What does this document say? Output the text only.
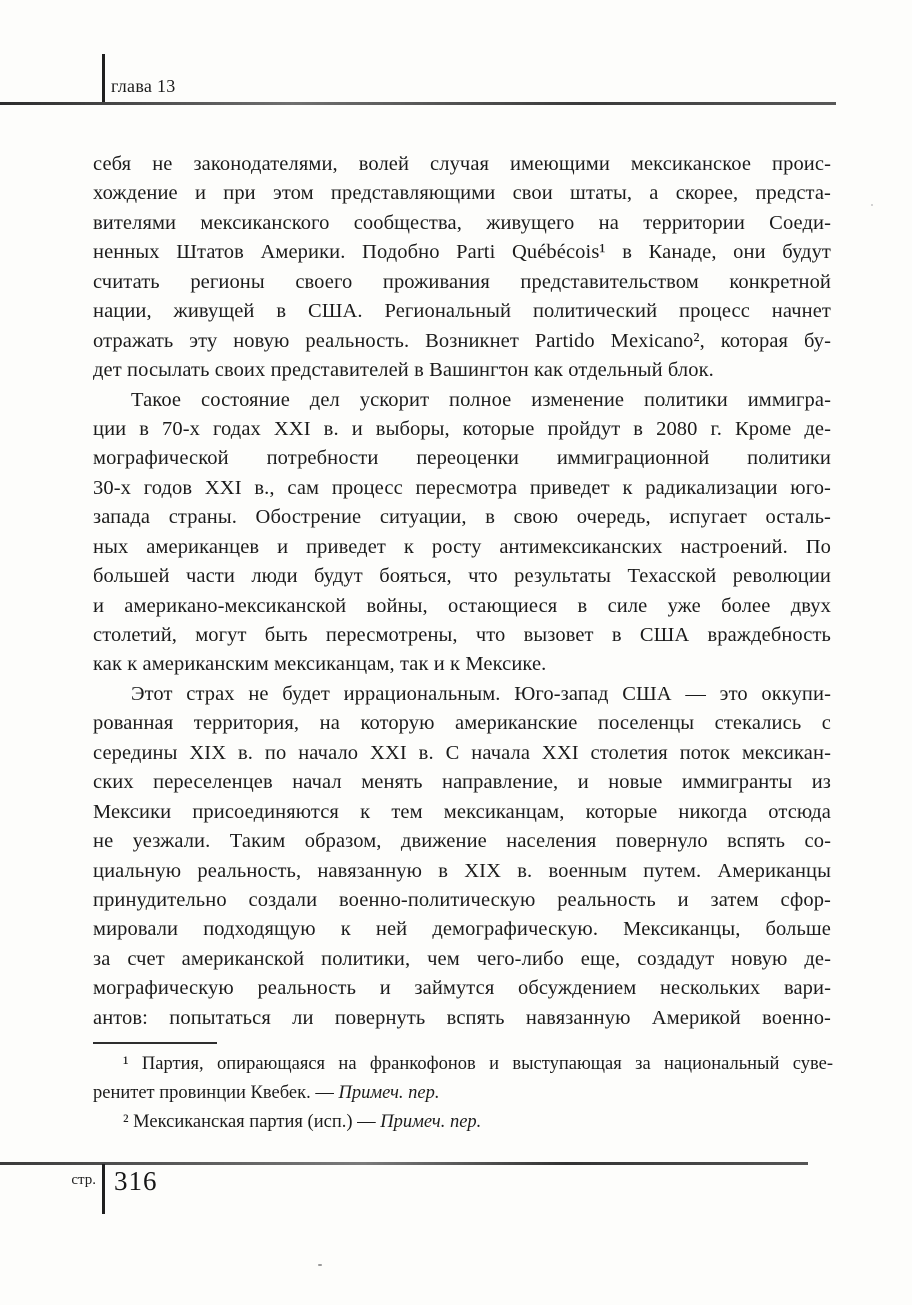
глава 13
себя не законодателями, волей случая имеющими мексиканское проис-
хождение и при этом представляющими свои штаты, а скорее, предста-
вителями мексиканского сообщества, живущего на территории Соеди-
ненных Штатов Америки. Подобно Parti Québécois¹ в Канаде, они будут
считать регионы своего проживания представительством конкретной
нации, живущей в США. Региональный политический процесс начнет
отражать эту новую реальность. Возникнет Partido Mexicano², которая бу-
дет посылать своих представителей в Вашингтон как отдельный блок.
Такое состояние дел ускорит полное изменение политики иммигра-
ции в 70-х годах XXI в. и выборы, которые пройдут в 2080 г. Кроме де-
мографической потребности переоценки иммиграционной политики
30-х годов XXI в., сам процесс пересмотра приведет к радикализации юго-
запада страны. Обострение ситуации, в свою очередь, испугает осталь-
ных американцев и приведет к росту антимексиканских настроений. По
большей части люди будут бояться, что результаты Техасской революции
и американо-мексиканской войны, остающиеся в силе уже более двух
столетий, могут быть пересмотрены, что вызовет в США враждебность
как к американским мексиканцам, так и к Мексике.
Этот страх не будет иррациональным. Юго-запад США — это оккупи-
рованная территория, на которую американские поселенцы стекались с
середины XIX в. по начало XXI в. С начала XXI столетия поток мексикан-
ских переселенцев начал менять направление, и новые иммигранты из
Мексики присоединяются к тем мексиканцам, которые никогда отсюда
не уезжали. Таким образом, движение населения повернуло вспять со-
циальную реальность, навязанную в XIX в. военным путем. Американцы
принудительно создали военно-политическую реальность и затем сфор-
мировали подходящую к ней демографическую. Мексиканцы, больше
за счет американской политики, чем чего-либо еще, создадут новую де-
мографическую реальность и займутся обсуждением нескольких вари-
антов: попытаться ли повернуть вспять навязанную Америкой военно-
¹ Партия, опирающаяся на франкофонов и выступающая за национальный суве-
ренитет провинции Квебек. — Примеч. пер.
² Мексиканская партия (исп.) — Примеч. пер.
стр. 316
